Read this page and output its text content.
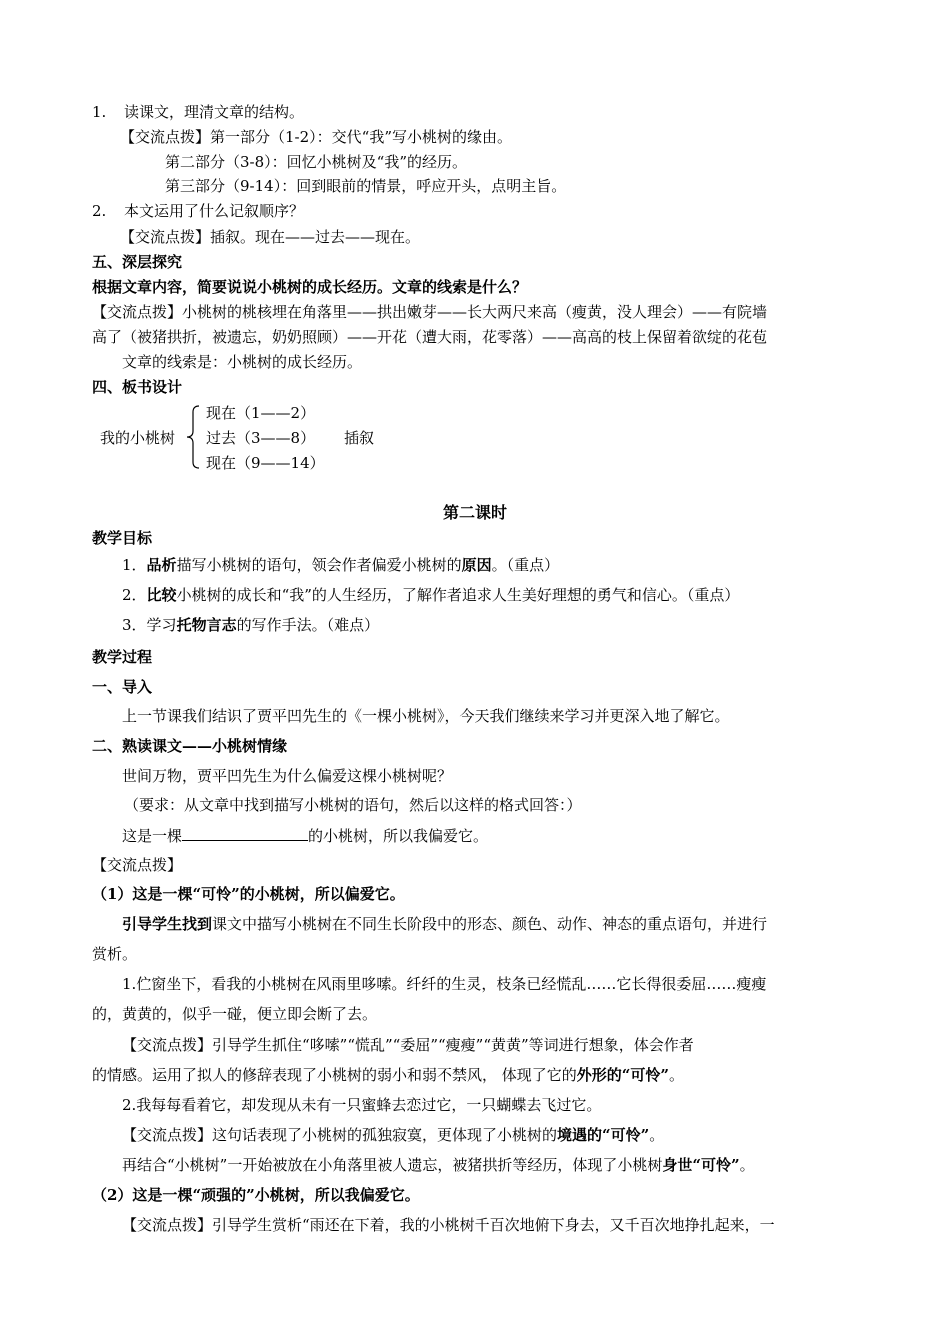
1. 读课文，理清文章的结构。
【交流点拨】第一部分（1-2）：交代“我”写小桃树的缘由。
第二部分（3-8）：回忆小桃树及“我”的经历。
第三部分（9-14）：回到眼前的情景，呼应开头，点明主旨。
2. 本文运用了什么记叙顺序？
【交流点拨】插叙。现在——过去——现在。
五、深层探究
根据文章内容，简要说说小桃树的成长经历。文章的线索是什么？
【交流点拨】小桃树的桃核埋在角落里——拱出嫩芽——长大两尺来高（瘦黄，没人理会）——有院墙
高了（被猪拱折，被遗忘，奶奶照顾）——开花（遭大雨，花零落）——高高的枝上保留着欲绽的花苞
文章的线索是：小桃树的成长经历。
四、板书设计
我的小桃树
现在（1——2）
过去（3——8）	插叙
现在（9——14）
第二课时
教学目标
1．品析描写小桃树的语句，领会作者偏爱小桃树的原因。（重点）
2．比较小桃树的成长和“我”的人生经历，了解作者追求人生美好理想的勇气和信心。（重点）
3．学习托物言志的写作手法。（难点）
教学过程
一、导入
上一节课我们结识了贾平凹先生的《一棵小桃树》，今天我们继续来学习并更深入地了解它。
二、熟读课文——小桃树情缘
世间万物，贾平凹先生为什么偏爱这棵小桃树呢？
（要求：从文章中找到描写小桃树的语句，然后以这样的格式回答：）
这是一棵	的小桃树，所以我偏爱它。
【交流点拨】
（1）这是一棵“可怜”的小桃树，所以偏爱它。
引导学生找到课文中描写小桃树在不同生长阶段中的形态、颜色、动作、神态的重点语句，并进行
赏析。
1.伫窗坐下，看我的小桃树在风雨里哆嗦。纤纤的生灵，枝条已经慌乱……它长得很委屈……瘦瘦
的，黄黄的，似乎一碰，便立即会断了去。
【交流点拨】引导学生抓住“哆嗦”“慌乱”“委屈”“瘦瘦”“黄黄”等词进行想象，体会作者
的情感。运用了拟人的修辞表现了小桃树的弱小和弱不禁风， 体现了它的外形的“可怜”。
2.我每每看着它，却发现从未有一只蜜蜂去恋过它，一只蝴蝶去飞过它。
【交流点拨】这句话表现了小桃树的孤独寂寞，更体现了小桃树的境遇的“可怜”。
再结合“小桃树”一开始被放在小角落里被人遗忘，被猪拱折等经历，体现了小桃树身世“可怜”。
（2）这是一棵“顽强的”小桃树，所以我偏爱它。
【交流点拨】引导学生赏析“雨还在下着，我的小桃树千百次地俯下身去，又千百次地挣扎起来，一
